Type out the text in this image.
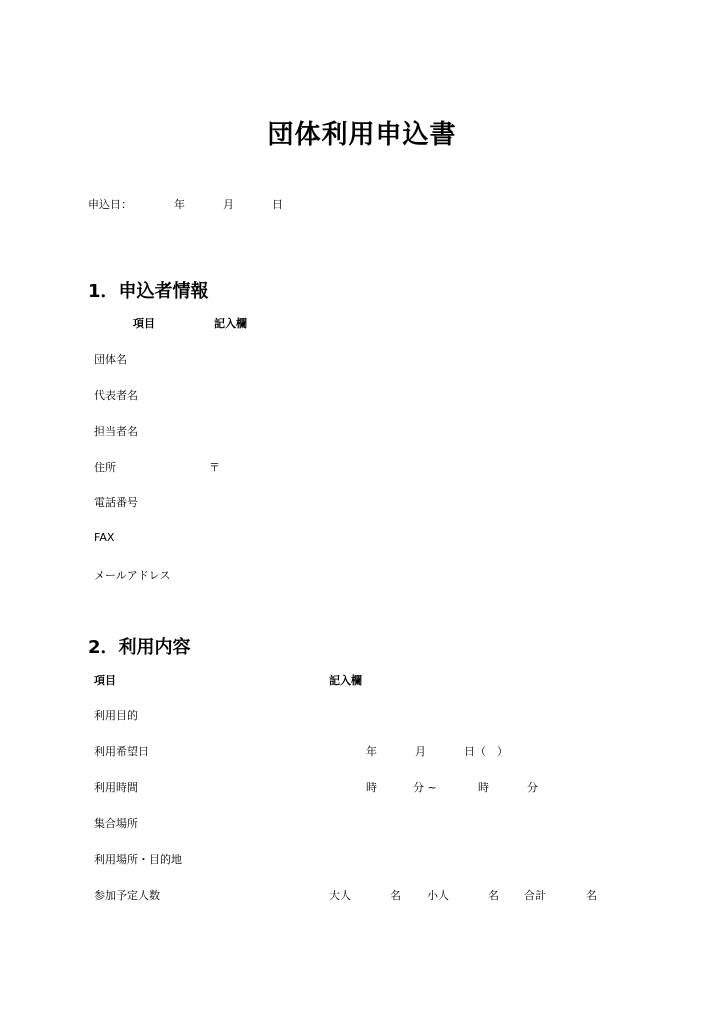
団体利用申込書
申込日：	年	月	日
1．申込者情報
項目	記入欄
団体名
代表者名
担当者名
住所	〒
電話番号
FAX
メールアドレス
2．利用内容
項目	記入欄
利用目的
利用希望日	年	月	日（　）
利用時間	時	分 ~	時	分
集合場所
利用場所・目的地
参加予定人数	大人	名 小人	名 合計	名
